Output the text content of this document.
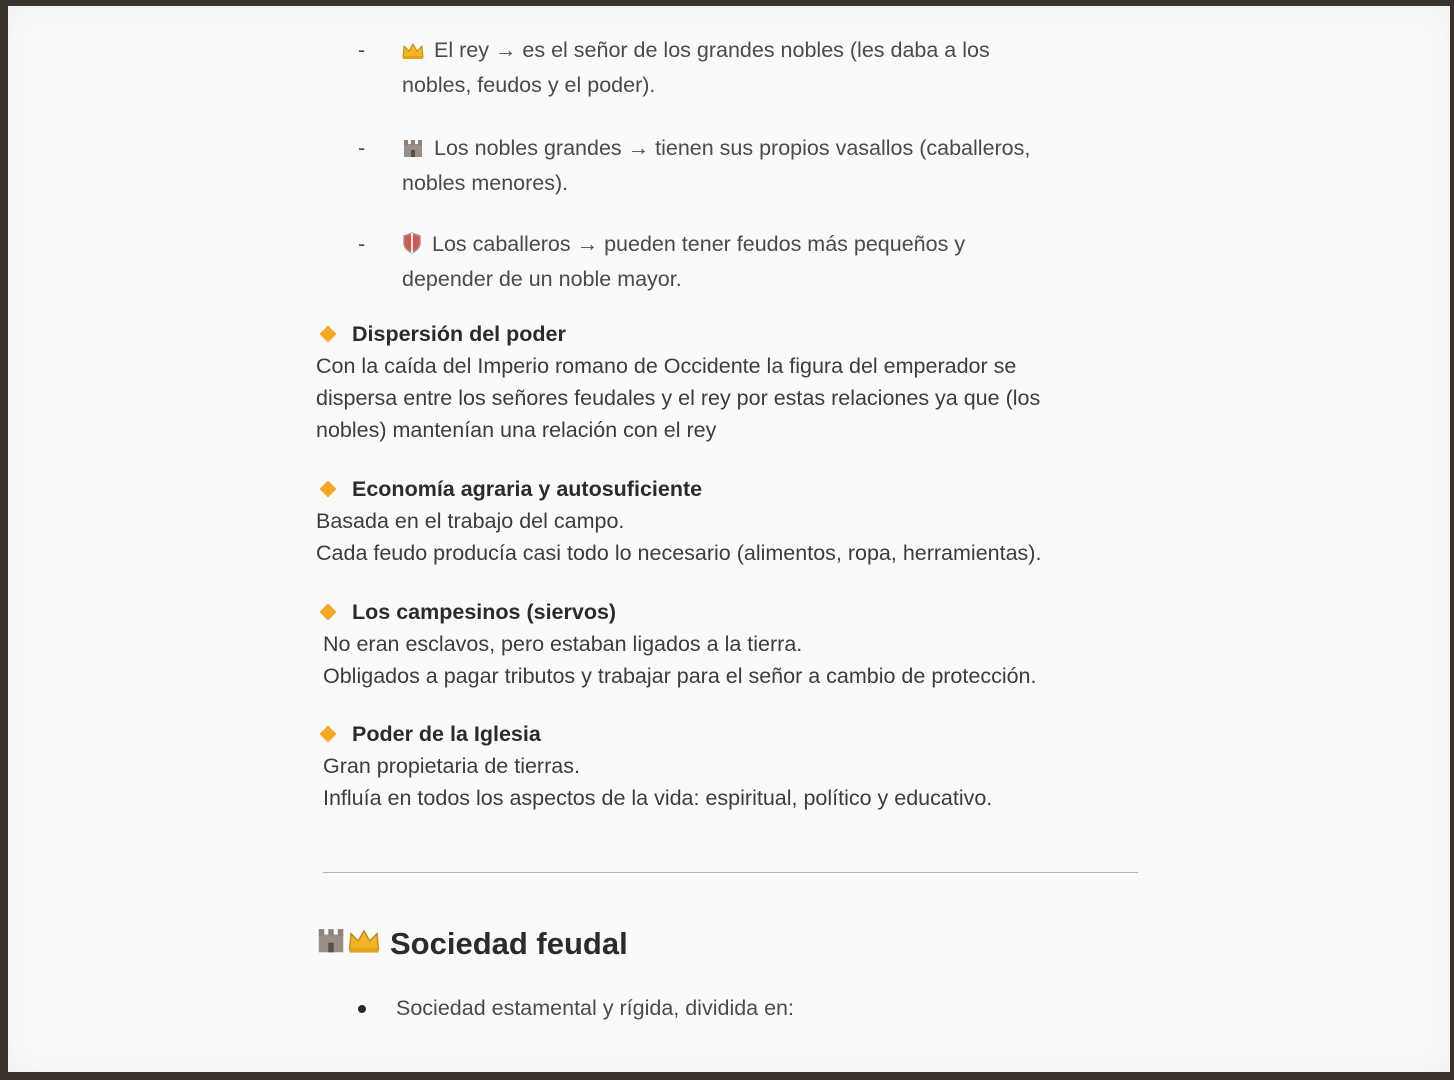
-	El rey → es el señor de los grandes nobles (les daba a los
nobles, feudos y el poder).
-	Los nobles grandes → tienen sus propios vasallos (caballeros,
nobles menores).
-	Los caballeros → pueden tener feudos más pequeños y
depender de un noble mayor.
Dispersión del poder
Con la caída del Imperio romano de Occidente la figura del emperador se
dispersa entre los señores feudales y el rey por estas relaciones ya que (los
nobles) mantenían una relación con el rey
Economía agraria y autosuficiente
Basada en el trabajo del campo.
Cada feudo producía casi todo lo necesario (alimentos, ropa, herramientas).
Los campesinos (siervos)
No eran esclavos, pero estaban ligados a la tierra.
Obligados a pagar tributos y trabajar para el señor a cambio de protección.
Poder de la Iglesia
Gran propietaria de tierras.
Influía en todos los aspectos de la vida: espiritual, político y educativo.
Sociedad feudal
Sociedad estamental y rígida, dividida en:
